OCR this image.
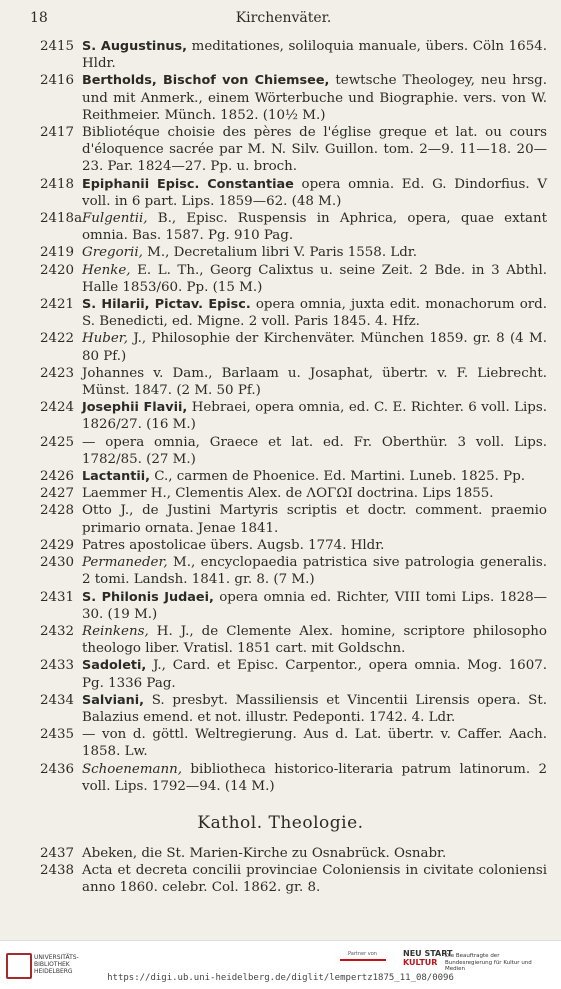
18	Kirchenväter.
2415 S. Augustinus, meditationes, soliloquia manuale, übers. Cöln 1654. Hldr.
2416 Bertholds, Bischof von Chiemsee, tewtsche Theologey, neu hrsg. und mit Anmerk., einem Wörterbuche und Biographie. vers. von W. Reithmeier. Münch. 1852. (10½ M.)
2417 Bibliotéque choisie des pères de l'église greque et lat. ou cours d'éloquence sacrée par M. N. Silv. Guillon. tom. 2—9. 11—18. 20—23. Par. 1824—27. Pp. u. broch.
2418 Epiphanii Episc. Constantiae opera omnia. Ed. G. Dindorfius. V voll. in 6 part. Lips. 1859—62. (48 M.)
2418a Fulgentii, B., Episc. Ruspensis in Aphrica, opera, quae extant omnia. Bas. 1587. Pg. 910 Pag.
2419 Gregorii, M., Decretalium libri V. Paris 1558. Ldr.
2420 Henke, E. L. Th., Georg Calixtus u. seine Zeit. 2 Bde. in 3 Abthl. Halle 1853/60. Pp. (15 M.)
2421 S. Hilarii, Pictav. Episc. opera omnia, juxta edit. monachorum ord. S. Benedicti, ed. Migne. 2 voll. Paris 1845. 4. Hfz.
2422 Huber, J., Philosophie der Kirchenväter. München 1859. gr. 8 (4 M. 80 Pf.)
2423 Johannes v. Dam., Barlaam u. Josaphat, übertr. v. F. Liebrecht. Münst. 1847. (2 M. 50 Pf.)
2424 Josephii Flavii, Hebraei, opera omnia, ed. C. E. Richter. 6 voll. Lips. 1826/27. (16 M.)
2425 — opera omnia, Graece et lat. ed. Fr. Oberthür. 3 voll. Lips. 1782/85. (27 M.)
2426 Lactantii, C., carmen de Phoenice. Ed. Martini. Luneb. 1825. Pp.
2427 Laemmer H., Clementis Alex. de ΛΟΓΩΙ doctrina. Lips 1855.
2428 Otto J., de Justini Martyris scriptis et doctr. comment. praemio primario ornata. Jenae 1841.
2429 Patres apostolicae übers. Augsb. 1774. Hldr.
2430 Permaneder, M., encyclopaedia patristica sive patrologia generalis. 2 tomi. Landsh. 1841. gr. 8. (7 M.)
2431 S. Philonis Judaei, opera omnia ed. Richter, VIII tomi Lips. 1828—30. (19 M.)
2432 Reinkens, H. J., de Clemente Alex. homine, scriptore philosopho theologo liber. Vratisl. 1851 cart. mit Goldschn.
2433 Sadoleti, J., Card. et Episc. Carpentor., opera omnia. Mog. 1607. Pg. 1336 Pag.
2434 Salviani, S. presbyt. Massiliensis et Vincentii Lirensis opera. St. Balazius emend. et not. illustr. Pedeponti. 1742. 4. Ldr.
2435 — von d. göttl. Weltregierung. Aus d. Lat. übertr. v. Caffer. Aach. 1858. Lw.
2436 Schoenemann, bibliotheca historico-literaria patrum latinorum. 2 voll. Lips. 1792—94. (14 M.)
Kathol. Theologie.
2437 Abeken, die St. Marien-Kirche zu Osnabrück. Osnabr.
2438 Acta et decreta concilii provinciae Coloniensis in civitate coloniensi anno 1860. celebr. Col. 1862. gr. 8.
UNIVERSITÄTS- BIBLIOTHEK HEIDELBERG
Partner von	NEU START
KULTUR
Die Beauftragte der Bundesregierung für Kultur und Medien
https://digi.ub.uni-heidelberg.de/diglit/lempertz1875_11_08/0096
